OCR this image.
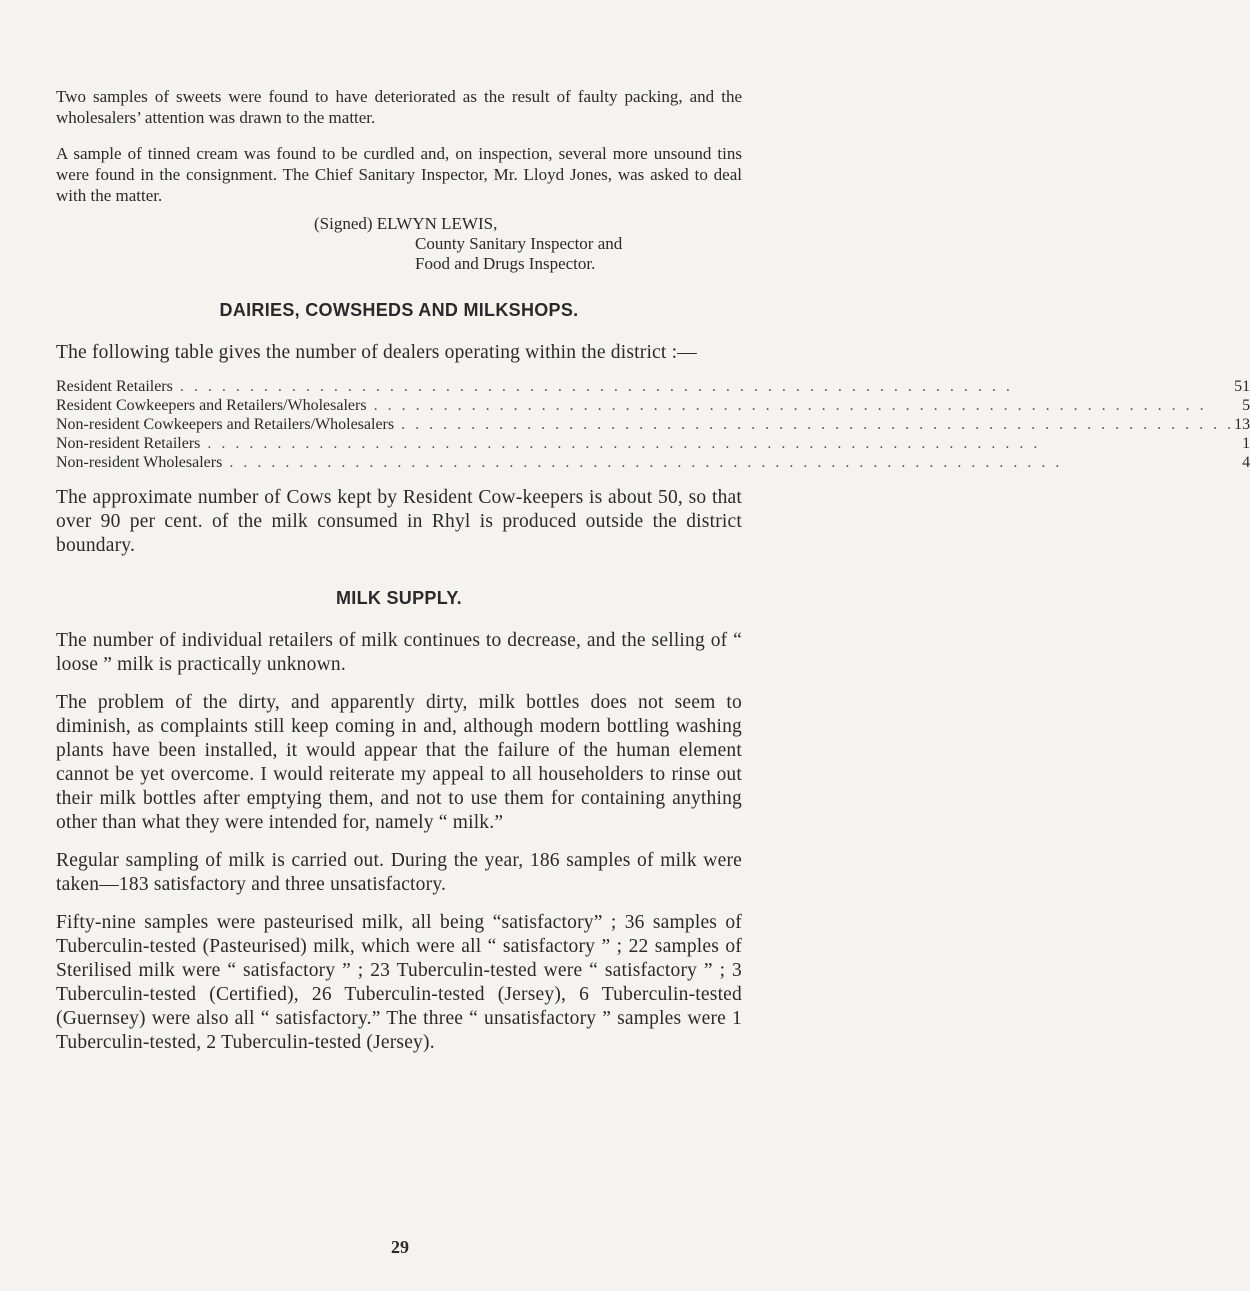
Two samples of sweets were found to have deteriorated as the result of faulty packing, and the wholesalers’ attention was drawn to the matter.

A sample of tinned cream was found to be curdled and, on inspection, several more unsound tins were found in the consignment. The Chief Sanitary Inspector, Mr. Lloyd Jones, was asked to deal with the matter.

(Signed) ELWYN LEWIS,
County Sanitary Inspector and
Food and Drugs Inspector.
DAIRIES, COWSHEDS AND MILKSHOPS.

The following table gives the number of dealers operating within the district :—

Resident Retailers . . . . . . . . . . . . . . . . . . . . . . . . . . . . . . . . . . . . . . . . . . . . . . . . . . . . . . . . . . . .	51
Resident Cowkeepers and Retailers/Wholesalers . . . . . . . . . . . . . . . . . . . . . . . . . . . . . . . . . . . . . . . . . . . . . . . . . . . . . . . . . . . .	5
Non-resident Cowkeepers and Retailers/Wholesalers . . . . . . . . . . . . . . . . . . . . . . . . . . . . . . . . . . . . . . . . . . . . . . . . . . . . . . . . . . . .	13
Non-resident Retailers . . . . . . . . . . . . . . . . . . . . . . . . . . . . . . . . . . . . . . . . . . . . . . . . . . . . . . . . . . . .	1
Non-resident Wholesalers . . . . . . . . . . . . . . . . . . . . . . . . . . . . . . . . . . . . . . . . . . . . . . . . . . . . . . . . . . . .	4

The approximate number of Cows kept by Resident Cow-keepers is about 50, so that over 90 per cent. of the milk consumed in Rhyl is produced outside the district boundary.

MILK SUPPLY.

The number of individual retailers of milk continues to decrease, and the selling of “ loose ” milk is practically unknown.

The problem of the dirty, and apparently dirty, milk bottles does not seem to diminish, as complaints still keep coming in and, although modern bottling washing plants have been installed, it would appear that the failure of the human element cannot be yet overcome. I would reiterate my appeal to all householders to rinse out their milk bottles after emptying them, and not to use them for containing anything other than what they were intended for, namely “ milk.”

Regular sampling of milk is carried out. During the year, 186 samples of milk were taken—183 satisfactory and three unsatisfactory.

Fifty-nine samples were pasteurised milk, all being “satisfactory” ; 36 samples of Tuberculin-tested (Pasteurised) milk, which were all “ satisfactory ” ; 22 samples of Sterilised milk were “ satisfactory ” ; 23 Tuberculin-tested were “ satisfactory ” ; 3 Tuberculin-tested (Certified), 26 Tuberculin-tested (Jersey), 6 Tuberculin-tested (Guernsey) were also all “ satisfactory.” The three “ unsatisfactory ” samples were 1 Tuberculin-tested, 2 Tuberculin-tested (Jersey).

29
